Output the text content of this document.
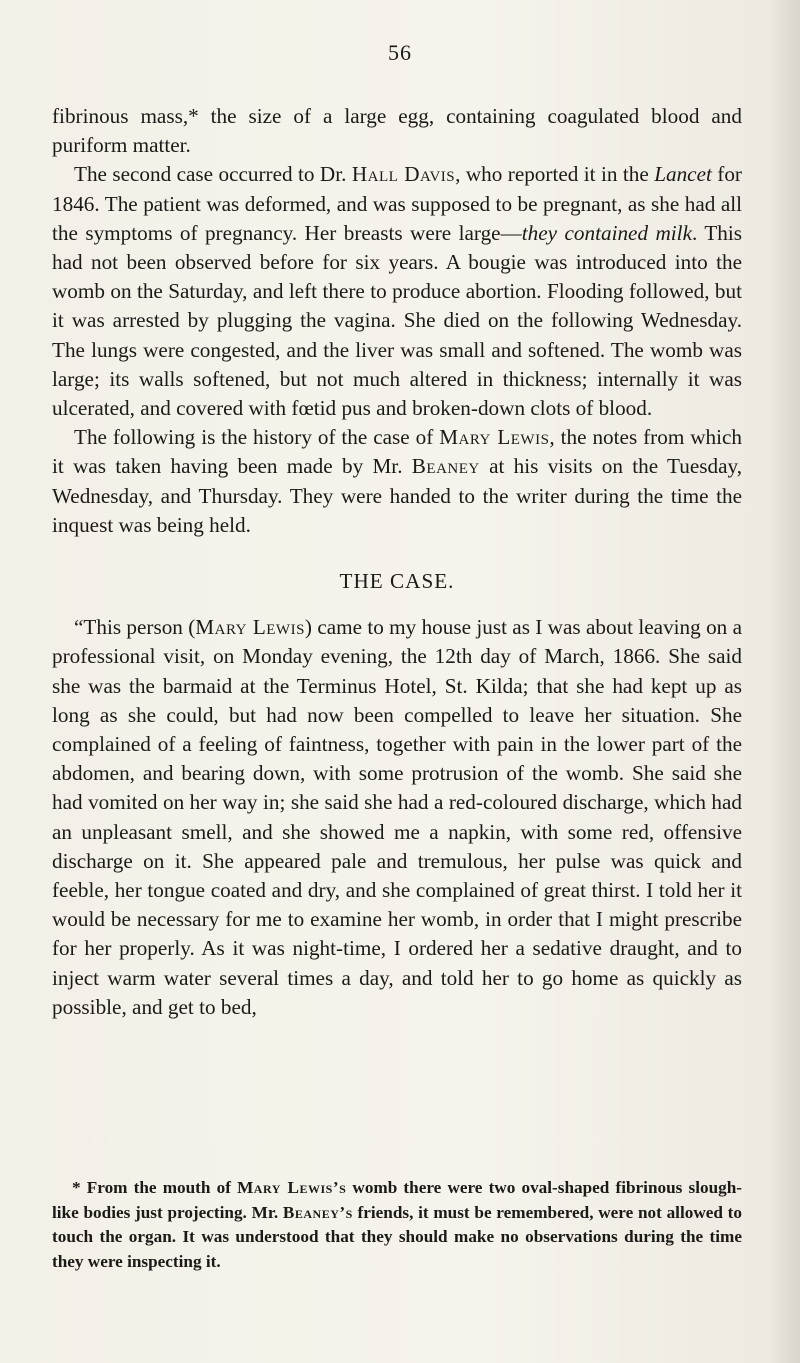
56

fibrinous mass,* the size of a large egg, containing coagulated blood and puriform matter.

The second case occurred to Dr. Hall Davis, who reported it in the Lancet for 1846. The patient was deformed, and was supposed to be pregnant, as she had all the symptoms of pregnancy. Her breasts were large—they contained milk. This had not been observed before for six years. A bougie was introduced into the womb on the Saturday, and left there to produce abortion. Flooding followed, but it was arrested by plugging the vagina. She died on the following Wednesday. The lungs were congested, and the liver was small and softened. The womb was large; its walls softened, but not much altered in thickness; internally it was ulcerated, and covered with fœtid pus and broken-down clots of blood.

The following is the history of the case of Mary Lewis, the notes from which it was taken having been made by Mr. Beaney at his visits on the Tuesday, Wednesday, and Thursday. They were handed to the writer during the time the inquest was being held.

THE CASE.

“This person (Mary Lewis) came to my house just as I was about leaving on a professional visit, on Monday evening, the 12th day of March, 1866. She said she was the barmaid at the Terminus Hotel, St. Kilda; that she had kept up as long as she could, but had now been compelled to leave her situation. She complained of a feeling of faintness, together with pain in the lower part of the abdomen, and bearing down, with some protrusion of the womb. She said she had vomited on her way in; she said she had a red-coloured discharge, which had an unpleasant smell, and she showed me a napkin, with some red, offensive discharge on it. She appeared pale and tremulous, her pulse was quick and feeble, her tongue coated and dry, and she complained of great thirst. I told her it would be necessary for me to examine her womb, in order that I might prescribe for her properly. As it was night-time, I ordered her a sedative draught, and to inject warm water several times a day, and told her to go home as quickly as possible, and get to bed,

* From the mouth of Mary Lewis’s womb there were two oval-shaped fibrinous slough-like bodies just projecting. Mr. Beaney’s friends, it must be remembered, were not allowed to touch the organ. It was understood that they should make no observations during the time they were inspecting it.
